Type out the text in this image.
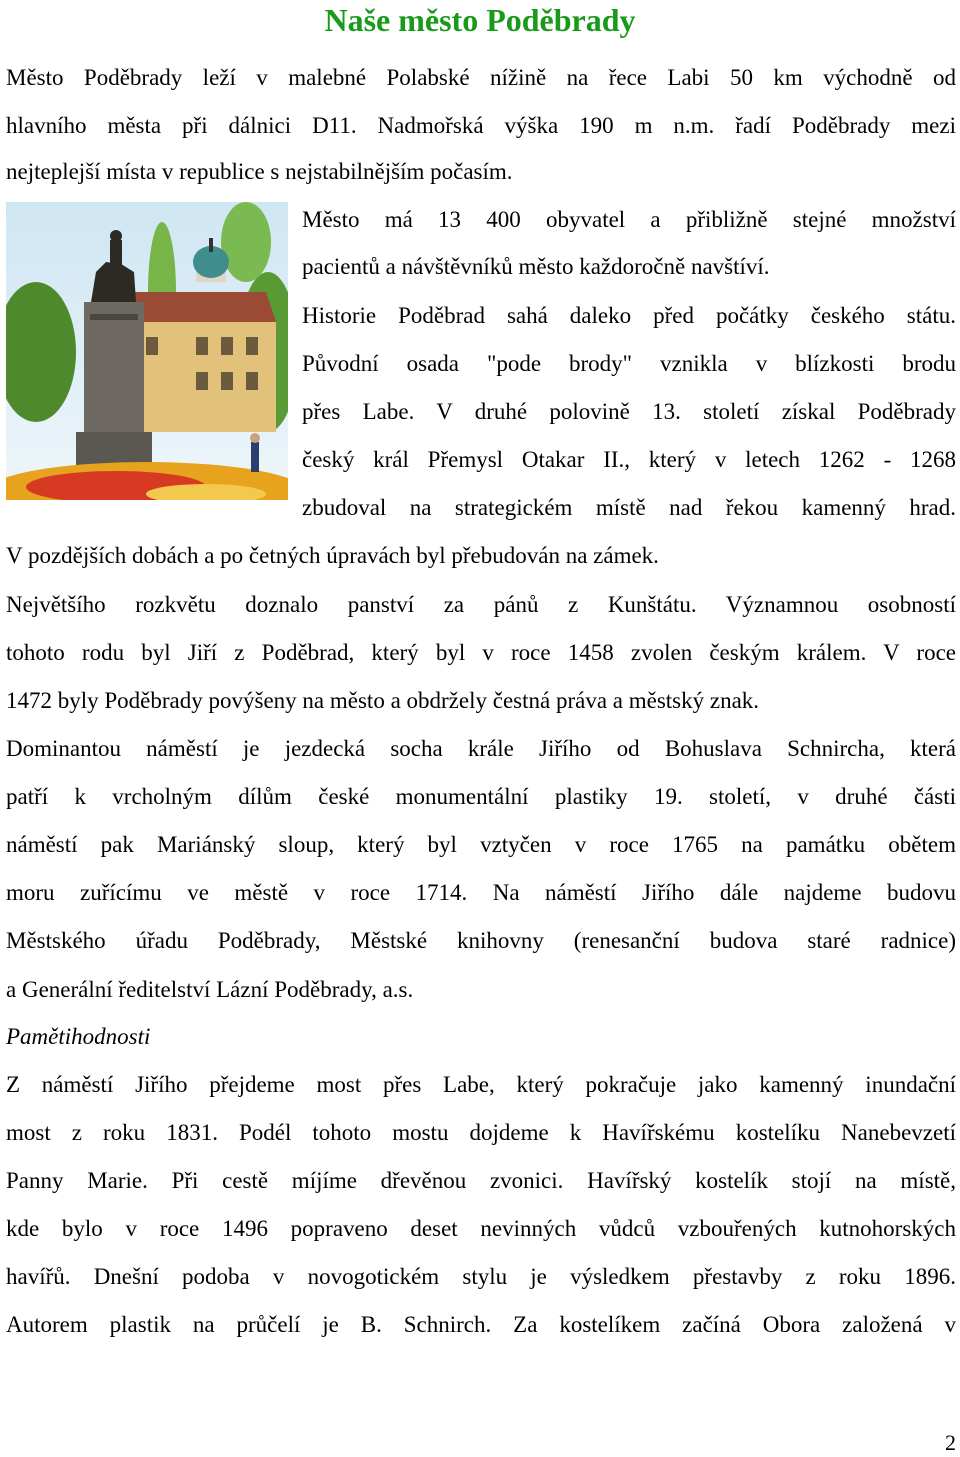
Naše město Poděbrady
Město Poděbrady leží v malebné Polabské nížině na řece Labi 50 km východně od
hlavního města při dálnici D11. Nadmořská výška 190 m n.m. řadí Poděbrady mezi
nejteplejší místa v republice s nejstabilnějším počasím.
Město má 13 400 obyvatel a přibližně stejné množství
pacientů a návštěvníků město každoročně navštíví.
Historie Poděbrad sahá daleko před počátky českého státu.
Původní osada "pode brody" vznikla v blízkosti brodu
přes Labe. V druhé polovině 13. století získal Poděbrady
český král Přemysl Otakar II., který v letech 1262 - 1268
zbudoval na strategickém místě nad řekou kamenný hrad.
V pozdějších dobách a po četných úpravách byl přebudován na zámek.
Největšího rozkvětu doznalo panství za pánů z Kunštátu. Významnou osobností
tohoto rodu byl Jiří z Poděbrad, který byl v roce 1458 zvolen českým králem. V roce
1472 byly Poděbrady povýšeny na město a obdržely čestná práva a městský znak.
Dominantou náměstí je jezdecká socha krále Jiřího od Bohuslava Schnircha, která
patří k vrcholným dílům české monumentální plastiky 19. století, v druhé části
náměstí pak Mariánský sloup, který byl vztyčen v roce 1765 na památku obětem
moru zuřícímu ve městě v roce 1714. Na náměstí Jiřího dále najdeme budovu
Městského úřadu Poděbrady, Městské knihovny (renesanční budova staré radnice)
a Generální ředitelství Lázní Poděbrady, a.s.
Pamětihodnosti
Z náměstí Jiřího přejdeme most přes Labe, který pokračuje jako kamenný inundační
most z roku 1831. Podél tohoto mostu dojdeme k Havířskému kostelíku Nanebevzetí
Panny Marie. Při cestě míjíme dřevěnou zvonici. Havířský kostelík stojí na místě,
kde bylo v roce 1496 popraveno deset nevinných vůdců vzbouřených kutnohorských
havířů. Dnešní podoba v novogotickém stylu je výsledkem přestavby z roku 1896.
Autorem plastik na průčelí je B. Schnirch. Za kostelíkem začíná Obora založená v
2
